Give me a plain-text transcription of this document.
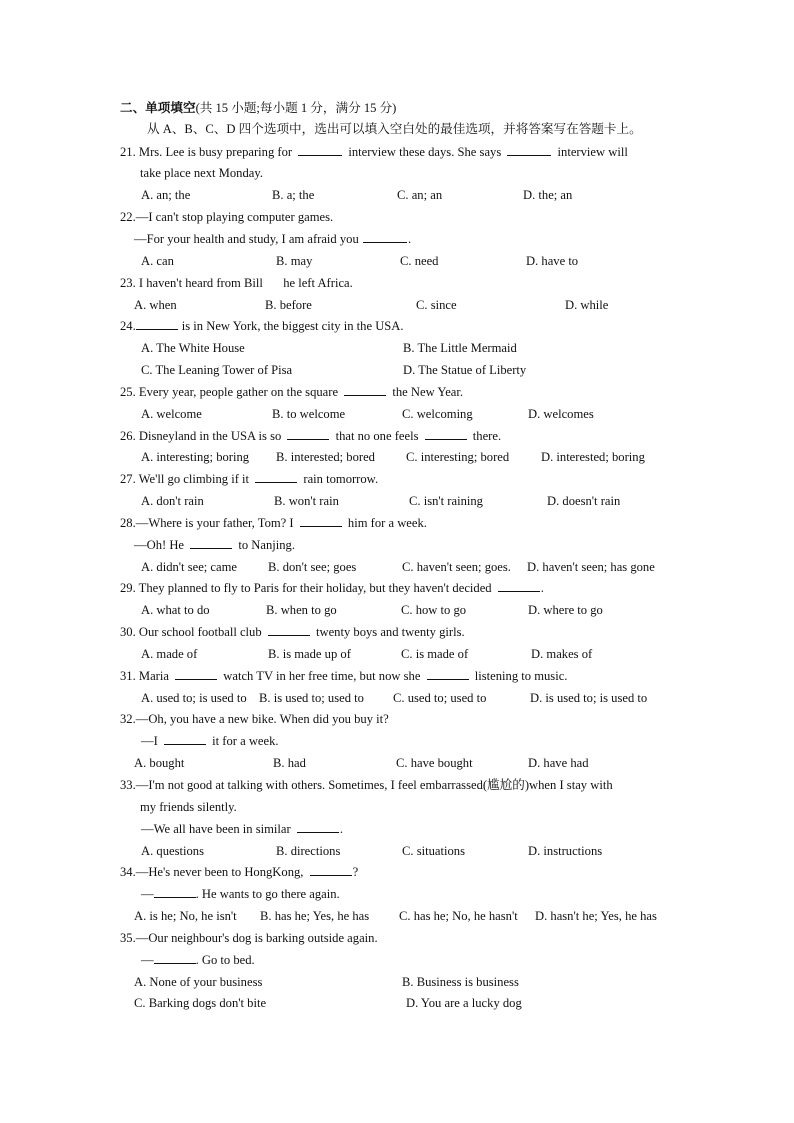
二、单项填空(共 15 小题;每小题 1 分，满分 15 分)
从 A、B、C、D 四个选项中，选出可以填入空白处的最佳选项，并将答案写在答题卡上。
21. Mrs. Lee is busy preparing for	interview these days. She says	interview will
take place next Monday.
A. an; the	B. a; the	C. an; an	D. the; an
22.—I can't stop playing computer games.
—For your health and study, I am afraid you	.
A. can	B. may	C. need	D. have to
23. I haven't heard from Bill he left Africa.
A. when	B. before	C. since	D. while
24.	is in New York, the biggest city in the USA.
A. The White House	B. The Little Mermaid
C. The Leaning Tower of Pisa	D. The Statue of Liberty
25. Every year, people gather on the square	the New Year.
A. welcome	B. to welcome	C. welcoming	D. welcomes
26. Disneyland in the USA is so	that no one feels	there.
A. interesting; boring B. interested; bored C. interesting; bored	D. interested; boring
27. We'll go climbing if it	rain tomorrow.
A. don't rain	B. won't rain	C. isn't raining	D. doesn't rain
28.—Where is your father, Tom? I	him for a week.
—Oh! He	to Nanjing.
A. didn't see; came B. don't see; goes	C. haven't seen; goes. D. haven't seen; has gone
29. They planned to fly to Paris for their holiday, but they haven't decided	.
A. what to do	B. when to go	C. how to go	D. where to go
30. Our school football club	twenty boys and twenty girls.
A. made of	B. is made up of	C. is made of	D. makes of
31. Maria	watch TV in her free time, but now she	listening to music.
A. used to; is used to B. is used to; used to C. used to; used to	D. is used to; is used to
32.—Oh, you have a new bike. When did you buy it?
—I	it for a week.
A. bought	B. had	C. have bought	D. have had
33.—I'm not good at talking with others. Sometimes, I feel embarrassed(尴尬的)when I stay with
my friends silently.
—We all have been in similar	.
A. questions	B. directions	C. situations	D. instructions
34.—He's never been to HongKong,	?
—	. He wants to go there again.
A. is he; No, he isn't B. has he; Yes, he has C. has he; No, he hasn't D. hasn't he; Yes, he has
35.—Our neighbour's dog is barking outside again.
—	. Go to bed.
A. None of your business	B. Business is business
C. Barking dogs don't bite	D. You are a lucky dog
